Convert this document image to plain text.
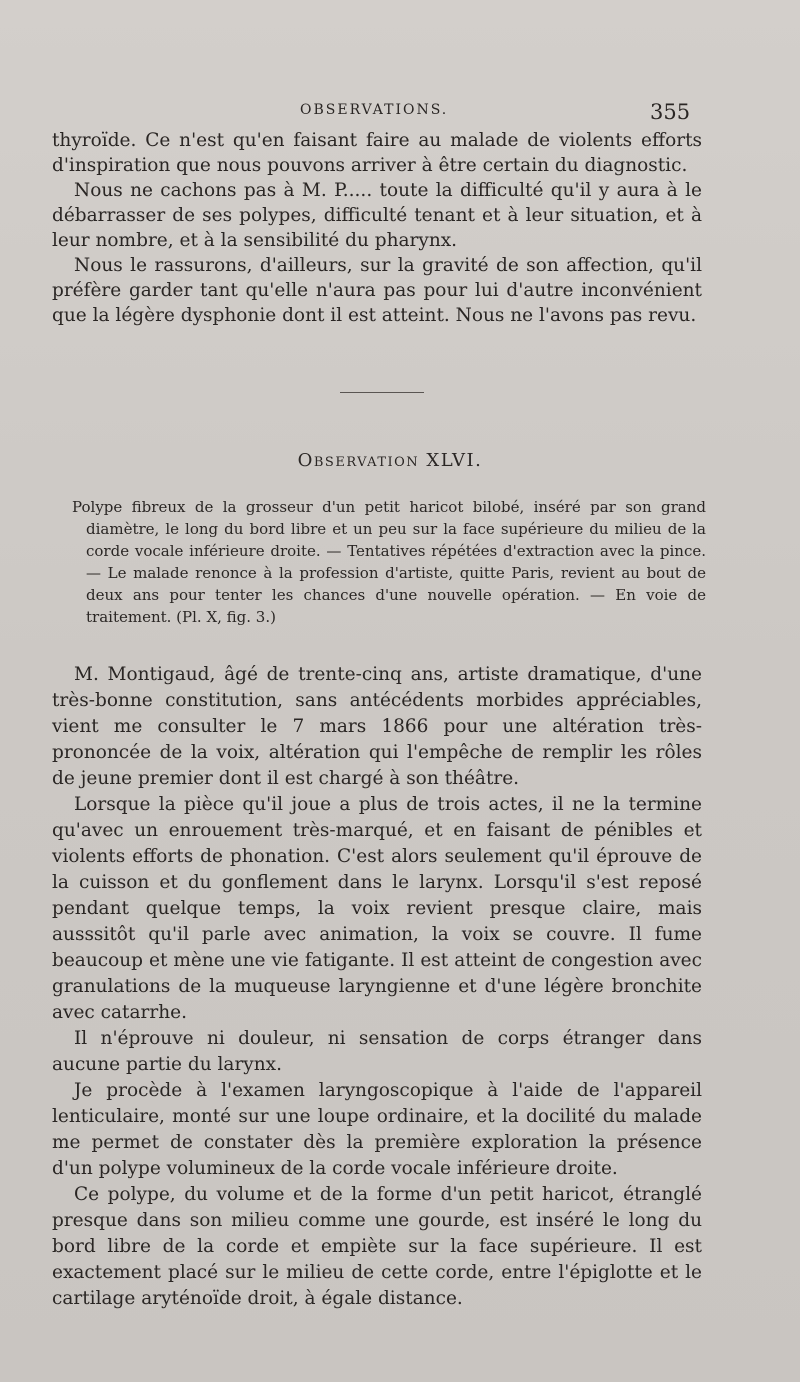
OBSERVATIONS.	355

thyroïde. Ce n'est qu'en faisant faire au malade de violents efforts d'inspiration que nous pouvons arriver à être certain du diagnostic.

Nous ne cachons pas à M. P..... toute la difficulté qu'il y aura à le débarrasser de ses polypes, difficulté tenant et à leur situation, et à leur nombre, et à la sensibilité du pharynx.

Nous le rassurons, d'ailleurs, sur la gravité de son affection, qu'il préfère garder tant qu'elle n'aura pas pour lui d'autre inconvénient que la légère dysphonie dont il est atteint. Nous ne l'avons pas revu.

Observation XLVI.

Polype fibreux de la grosseur d'un petit haricot bilobé, inséré par son grand diamètre, le long du bord libre et un peu sur la face supérieure du milieu de la corde vocale inférieure droite. — Tentatives répétées d'extraction avec la pince. — Le malade renonce à la profession d'artiste, quitte Paris, revient au bout de deux ans pour tenter les chances d'une nouvelle opération. — En voie de traitement. (Pl. X, fig. 3.)

M. Montigaud, âgé de trente-cinq ans, artiste dramatique, d'une très-bonne constitution, sans antécédents morbides appréciables, vient me consulter le 7 mars 1866 pour une altération très-prononcée de la voix, altération qui l'empêche de remplir les rôles de jeune premier dont il est chargé à son théâtre.

Lorsque la pièce qu'il joue a plus de trois actes, il ne la termine qu'avec un enrouement très-marqué, et en faisant de pénibles et violents efforts de phonation. C'est alors seulement qu'il éprouve de la cuisson et du gonflement dans le larynx. Lorsqu'il s'est reposé pendant quelque temps, la voix revient presque claire, mais ausssitôt qu'il parle avec animation, la voix se couvre. Il fume beaucoup et mène une vie fatigante. Il est atteint de congestion avec granulations de la muqueuse laryngienne et d'une légère bronchite avec catarrhe.

Il n'éprouve ni douleur, ni sensation de corps étranger dans aucune partie du larynx.

Je procède à l'examen laryngoscopique à l'aide de l'appareil lenticulaire, monté sur une loupe ordinaire, et la docilité du malade me permet de constater dès la première exploration la présence d'un polype volumineux de la corde vocale inférieure droite.

Ce polype, du volume et de la forme d'un petit haricot, étranglé presque dans son milieu comme une gourde, est inséré le long du bord libre de la corde et empiète sur la face supérieure. Il est exactement placé sur le milieu de cette corde, entre l'épiglotte et le cartilage aryténoïde droit, à égale distance.
